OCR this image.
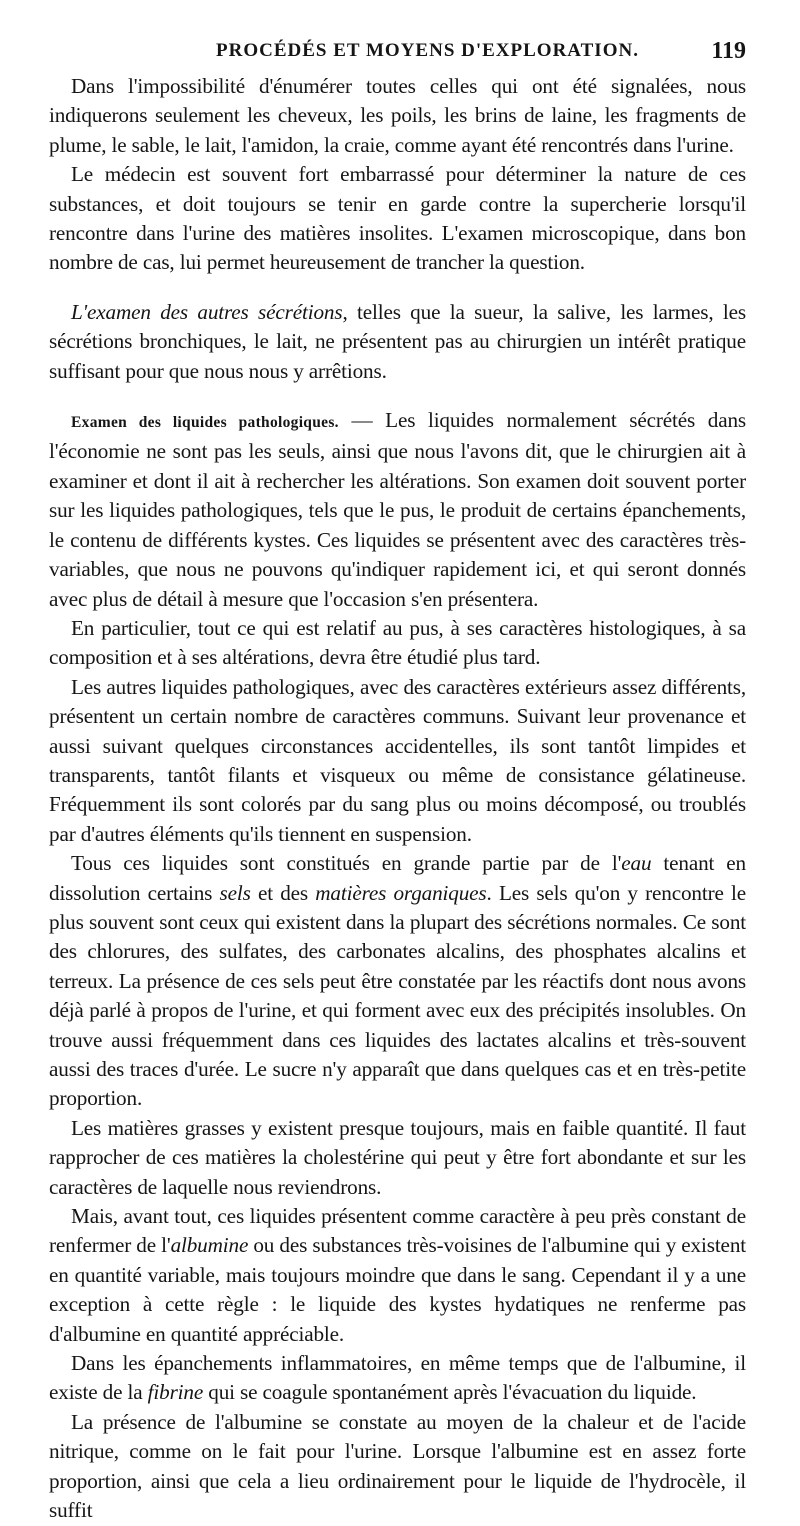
PROCÉDÉS ET MOYENS D'EXPLORATION.	119

Dans l'impossibilité d'énumérer toutes celles qui ont été signalées, nous indiquerons seulement les cheveux, les poils, les brins de laine, les fragments de plume, le sable, le lait, l'amidon, la craie, comme ayant été rencontrés dans l'urine.

Le médecin est souvent fort embarrassé pour déterminer la nature de ces substances, et doit toujours se tenir en garde contre la supercherie lorsqu'il rencontre dans l'urine des matières insolites. L'examen microscopique, dans bon nombre de cas, lui permet heureusement de trancher la question.

L'examen des autres sécrétions, telles que la sueur, la salive, les larmes, les sécrétions bronchiques, le lait, ne présentent pas au chirurgien un intérêt pratique suffisant pour que nous nous y arrêtions.

Examen des liquides pathologiques. — Les liquides normalement sécrétés dans l'économie ne sont pas les seuls, ainsi que nous l'avons dit, que le chirurgien ait à examiner et dont il ait à rechercher les altérations. Son examen doit souvent porter sur les liquides pathologiques, tels que le pus, le produit de certains épanchements, le contenu de différents kystes. Ces liquides se présentent avec des caractères très-variables, que nous ne pouvons qu'indiquer rapidement ici, et qui seront donnés avec plus de détail à mesure que l'occasion s'en présentera.

En particulier, tout ce qui est relatif au pus, à ses caractères histologiques, à sa composition et à ses altérations, devra être étudié plus tard.

Les autres liquides pathologiques, avec des caractères extérieurs assez différents, présentent un certain nombre de caractères communs. Suivant leur provenance et aussi suivant quelques circonstances accidentelles, ils sont tantôt limpides et transparents, tantôt filants et visqueux ou même de consistance gélatineuse. Fréquemment ils sont colorés par du sang plus ou moins décomposé, ou troublés par d'autres éléments qu'ils tiennent en suspension.

Tous ces liquides sont constitués en grande partie par de l'eau tenant en dissolution certains sels et des matières organiques. Les sels qu'on y rencontre le plus souvent sont ceux qui existent dans la plupart des sécrétions normales. Ce sont des chlorures, des sulfates, des carbonates alcalins, des phosphates alcalins et terreux. La présence de ces sels peut être constatée par les réactifs dont nous avons déjà parlé à propos de l'urine, et qui forment avec eux des précipités insolubles. On trouve aussi fréquemment dans ces liquides des lactates alcalins et très-souvent aussi des traces d'urée. Le sucre n'y apparaît que dans quelques cas et en très-petite proportion.

Les matières grasses y existent presque toujours, mais en faible quantité. Il faut rapprocher de ces matières la cholestérine qui peut y être fort abondante et sur les caractères de laquelle nous reviendrons.

Mais, avant tout, ces liquides présentent comme caractère à peu près constant de renfermer de l'albumine ou des substances très-voisines de l'albumine qui y existent en quantité variable, mais toujours moindre que dans le sang. Cependant il y a une exception à cette règle : le liquide des kystes hydatiques ne renferme pas d'albumine en quantité appréciable.

Dans les épanchements inflammatoires, en même temps que de l'albumine, il existe de la fibrine qui se coagule spontanément après l'évacuation du liquide.

La présence de l'albumine se constate au moyen de la chaleur et de l'acide nitrique, comme on le fait pour l'urine. Lorsque l'albumine est en assez forte proportion, ainsi que cela a lieu ordinairement pour le liquide de l'hydrocèle, il suffit
